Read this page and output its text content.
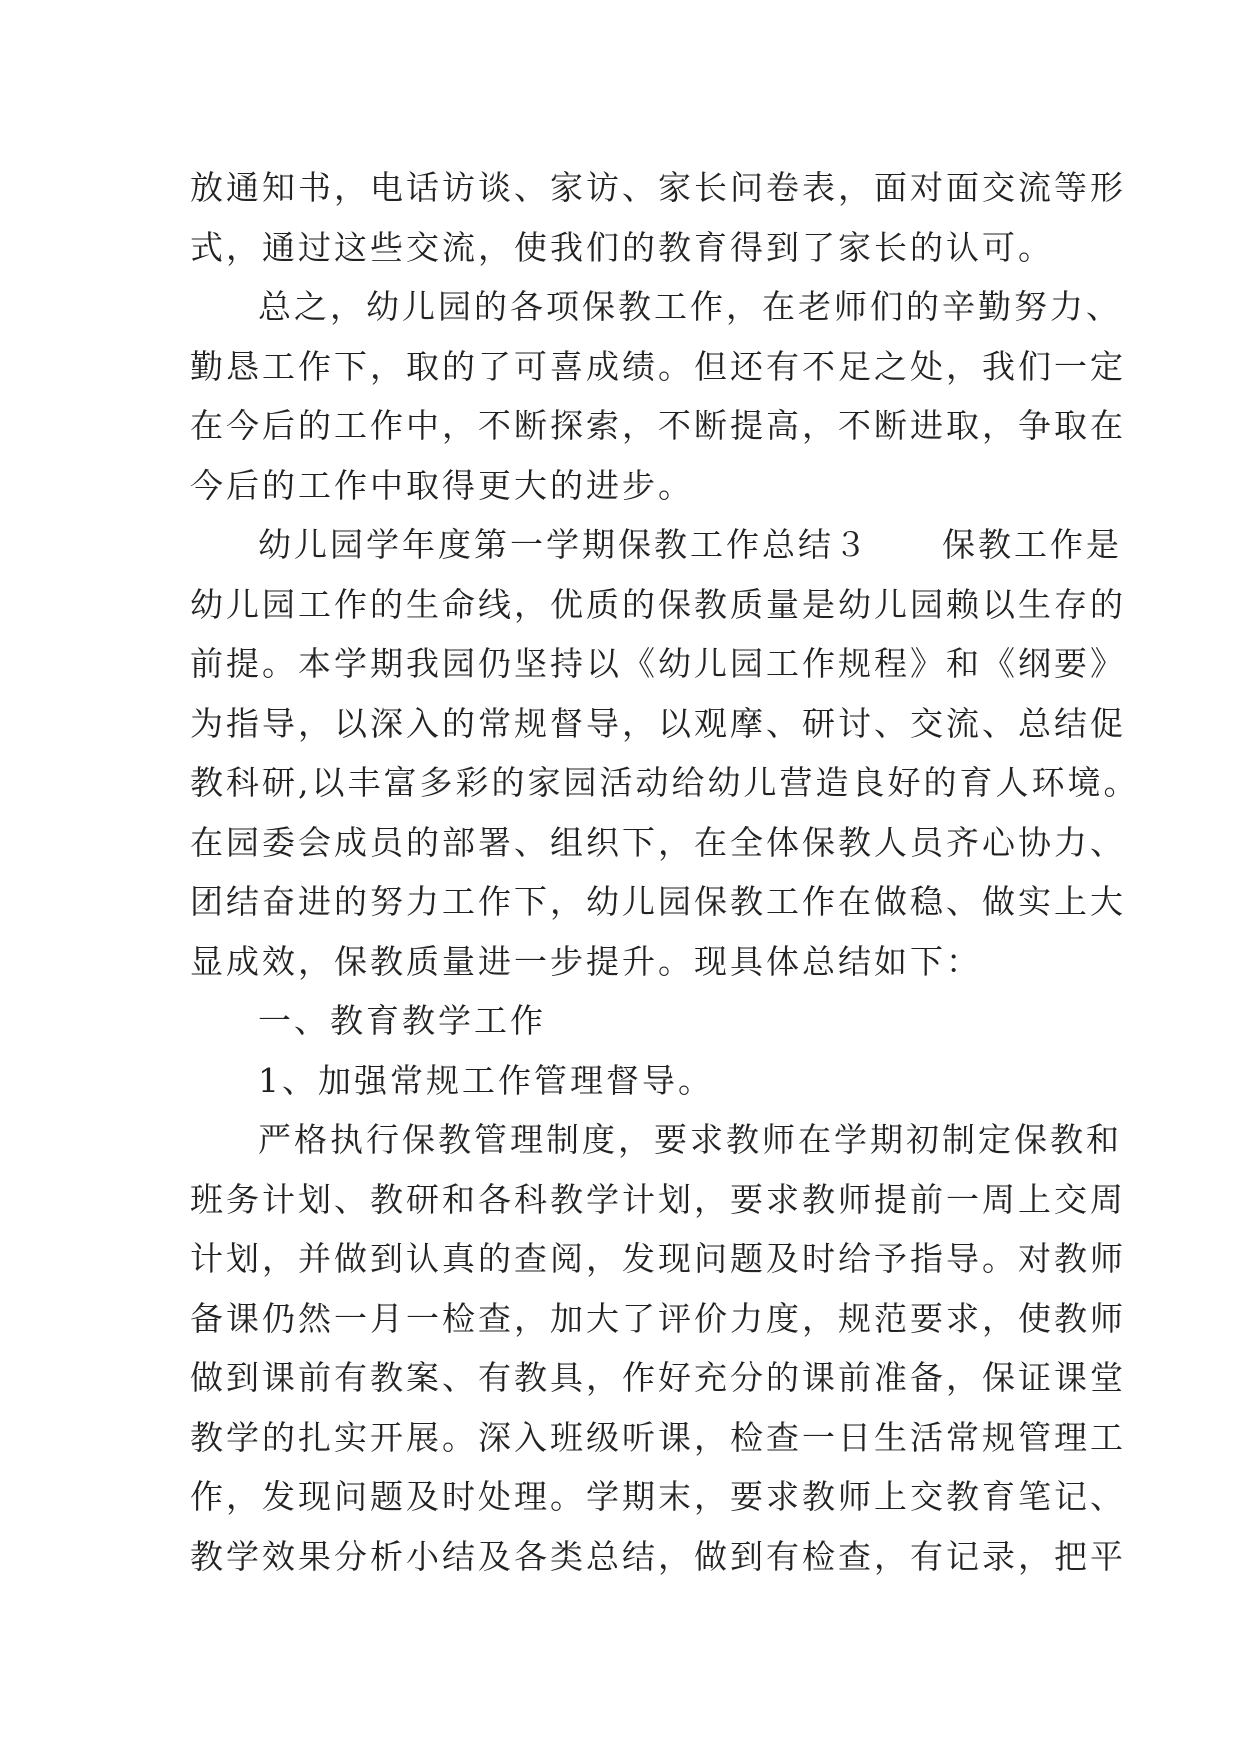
放通知书，电话访谈、家访、家长问卷表，面对面交流等形
式，通过这些交流，使我们的教育得到了家长的认可。
总之，幼儿园的各项保教工作，在老师们的辛勤努力、
勤恳工作下，取的了可喜成绩。但还有不足之处，我们一定
在今后的工作中，不断探索，不断提高，不断进取，争取在
今后的工作中取得更大的进步。
幼儿园学年度第一学期保教工作总结３　　保教工作是
幼儿园工作的生命线，优质的保教质量是幼儿园赖以生存的
前提。本学期我园仍坚持以《幼儿园工作规程》和《纲要》
为指导，以深入的常规督导，以观摩、研讨、交流、总结促
教科研,以丰富多彩的家园活动给幼儿营造良好的育人环境。
在园委会成员的部署、组织下，在全体保教人员齐心协力、
团结奋进的努力工作下，幼儿园保教工作在做稳、做实上大
显成效，保教质量进一步提升。现具体总结如下：
一、教育教学工作
1、加强常规工作管理督导。
严格执行保教管理制度，要求教师在学期初制定保教和
班务计划、教研和各科教学计划，要求教师提前一周上交周
计划，并做到认真的查阅，发现问题及时给予指导。对教师
备课仍然一月一检查，加大了评价力度，规范要求，使教师
做到课前有教案、有教具，作好充分的课前准备，保证课堂
教学的扎实开展。深入班级听课，检查一日生活常规管理工
作，发现问题及时处理。学期末，要求教师上交教育笔记、
教学效果分析小结及各类总结，做到有检查，有记录，把平
